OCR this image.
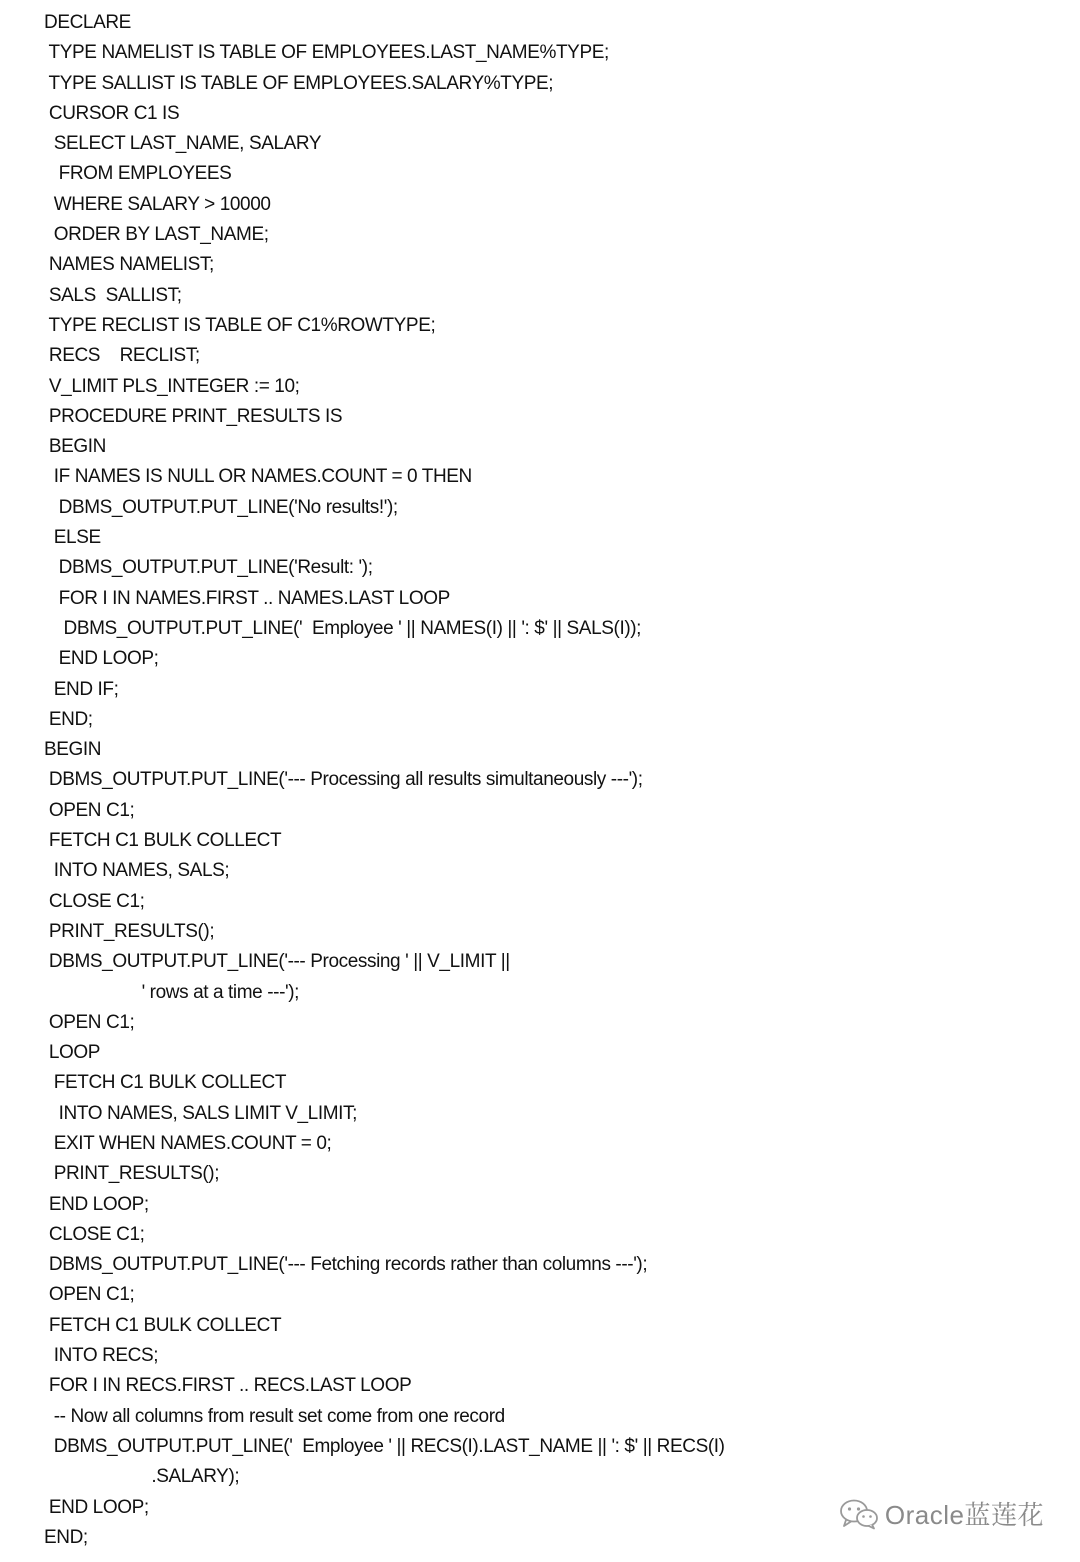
DECLARE
TYPE NAMELIST IS TABLE OF EMPLOYEES.LAST_NAME%TYPE;
TYPE SALLIST IS TABLE OF EMPLOYEES.SALARY%TYPE;
CURSOR C1 IS
SELECT LAST_NAME, SALARY
FROM EMPLOYEES
WHERE SALARY > 10000
ORDER BY LAST_NAME;
NAMES NAMELIST;
SALS  SALLIST;
TYPE RECLIST IS TABLE OF C1%ROWTYPE;
RECS    RECLIST;
V_LIMIT PLS_INTEGER := 10;
PROCEDURE PRINT_RESULTS IS
BEGIN
IF NAMES IS NULL OR NAMES.COUNT = 0 THEN
DBMS_OUTPUT.PUT_LINE('No results!');
ELSE
DBMS_OUTPUT.PUT_LINE('Result: ');
FOR I IN NAMES.FIRST .. NAMES.LAST LOOP
DBMS_OUTPUT.PUT_LINE('  Employee ' || NAMES(I) || ': $' || SALS(I));
END LOOP;
END IF;
END;
BEGIN
DBMS_OUTPUT.PUT_LINE('--- Processing all results simultaneously ---');
OPEN C1;
FETCH C1 BULK COLLECT
INTO NAMES, SALS;
CLOSE C1;
PRINT_RESULTS();
DBMS_OUTPUT.PUT_LINE('--- Processing ' || V_LIMIT ||
' rows at a time ---');
OPEN C1;
LOOP
FETCH C1 BULK COLLECT
INTO NAMES, SALS LIMIT V_LIMIT;
EXIT WHEN NAMES.COUNT = 0;
PRINT_RESULTS();
END LOOP;
CLOSE C1;
DBMS_OUTPUT.PUT_LINE('--- Fetching records rather than columns ---');
OPEN C1;
FETCH C1 BULK COLLECT
INTO RECS;
FOR I IN RECS.FIRST .. RECS.LAST LOOP
-- Now all columns from result set come from one record
DBMS_OUTPUT.PUT_LINE('  Employee ' || RECS(I).LAST_NAME || ': $' || RECS(I)
.SALARY);
END LOOP;
END;
Oracle蓝莲花
